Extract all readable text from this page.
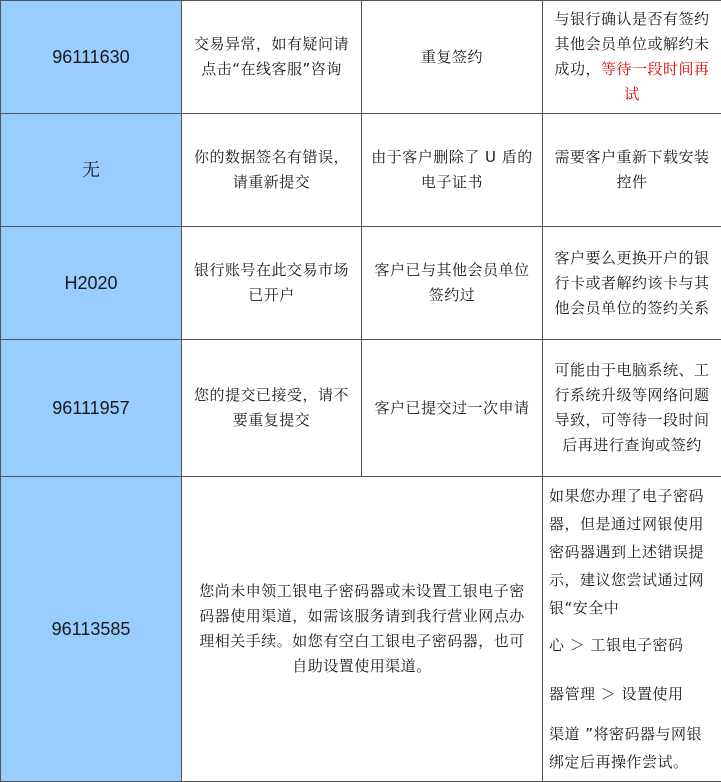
96111630	交易异常，如有疑问请点击“在线客服”咨询	重复签约	与银行确认是否有签约其他会员单位或解约未成功，等待一段时间再试
无	你的数据签名有错误，请重新提交	由于客户删除了 U 盾的电子证书	需要客户重新下载安装控件
H2020	银行账号在此交易市场已开户	客户已与其他会员单位签约过	客户要么更换开户的银行卡或者解约该卡与其他会员单位的签约关系
96111957	您的提交已接受，请不要重复提交	客户已提交过一次申请	可能由于电脑系统、工行系统升级等网络问题导致，可等待一段时间后再进行查询或签约
96113585	您尚未申领工银电子密码器或未设置工银电子密码器使用渠道，如需该服务请到我行营业网点办理相关手续。如您有空白工银电子密码器，也可自助设置使用渠道。		如果您办理了电子密码器，但是通过网银使用密码器遇到上述错误提示，建议您尝试通过网银“安全中
心 ＞ 工银电子密码
器管理 ＞ 设置使用
渠道 ”将密码器与网银绑定后再操作尝试。
